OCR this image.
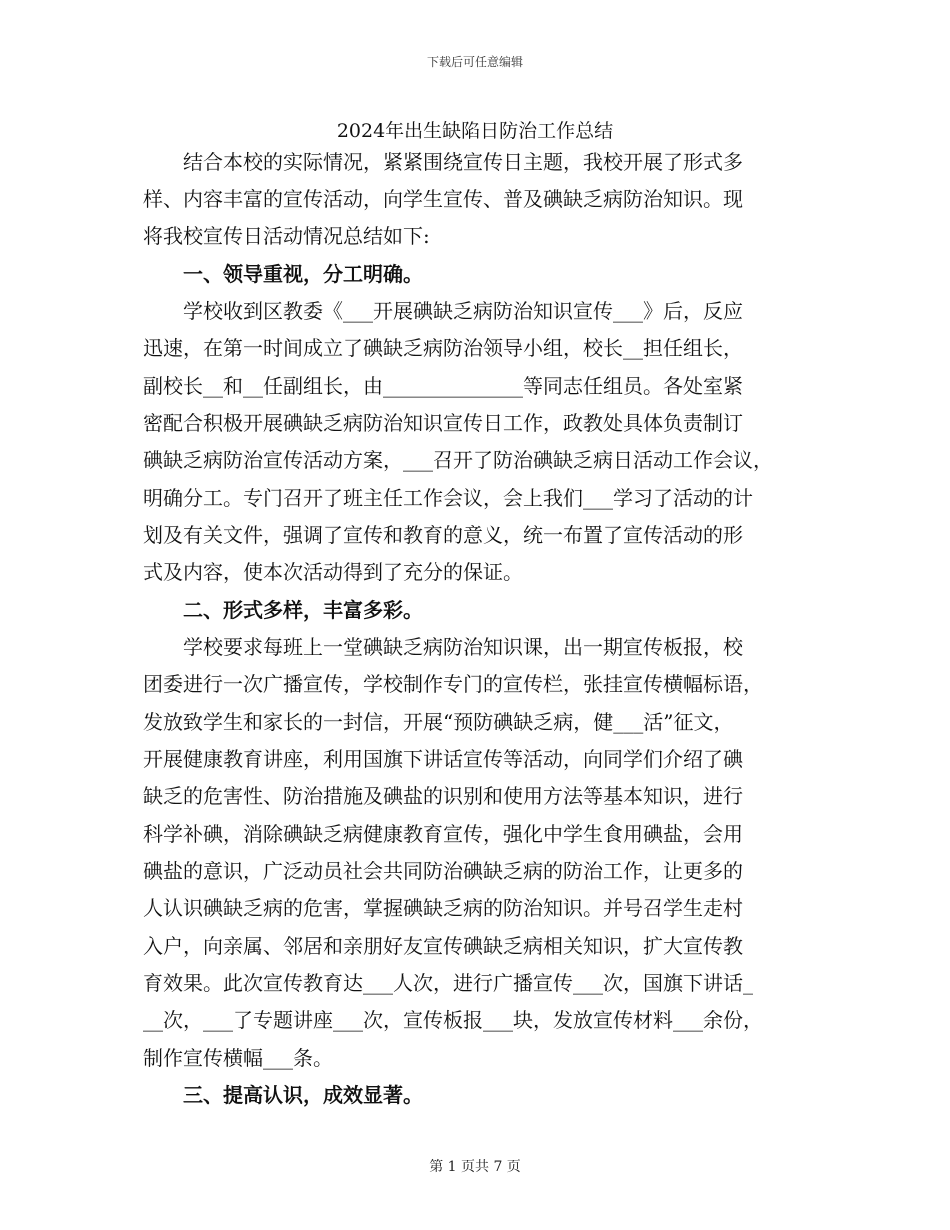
下载后可任意编辑
2024年出生缺陷日防治工作总结
结合本校的实际情况，紧紧围绕宣传日主题，我校开展了形式多
样、内容丰富的宣传活动，向学生宣传、普及碘缺乏病防治知识。现
将我校宣传日活动情况总结如下:
一、领导重视，分工明确。
学校收到区教委《___开展碘缺乏病防治知识宣传___》后，反应
迅速，在第一时间成立了碘缺乏病防治领导小组，校长__担任组长，
副校长__和__任副组长，由______________等同志任组员。各处室紧
密配合积极开展碘缺乏病防治知识宣传日工作，政教处具体负责制订
碘缺乏病防治宣传活动方案，___召开了防治碘缺乏病日活动工作会议，
明确分工。专门召开了班主任工作会议，会上我们___学习了活动的计
划及有关文件，强调了宣传和教育的意义，统一布置了宣传活动的形
式及内容，使本次活动得到了充分的保证。
二、形式多样，丰富多彩。
学校要求每班上一堂碘缺乏病防治知识课，出一期宣传板报，校
团委进行一次广播宣传，学校制作专门的宣传栏，张挂宣传横幅标语，
发放致学生和家长的一封信，开展“预防碘缺乏病，健___活”征文，
开展健康教育讲座，利用国旗下讲话宣传等活动，向同学们介绍了碘
缺乏的危害性、防治措施及碘盐的识别和使用方法等基本知识，进行
科学补碘，消除碘缺乏病健康教育宣传，强化中学生食用碘盐，会用
碘盐的意识，广泛动员社会共同防治碘缺乏病的防治工作，让更多的
人认识碘缺乏病的危害，掌握碘缺乏病的防治知识。并号召学生走村
入户，向亲属、邻居和亲朋好友宣传碘缺乏病相关知识，扩大宣传教
育效果。此次宣传教育达___人次，进行广播宣传___次，国旗下讲话_
__次，___了专题讲座___次，宣传板报___块，发放宣传材料___余份，
制作宣传横幅___条。
三、提高认识，成效显著。
第 1 页共 7 页
